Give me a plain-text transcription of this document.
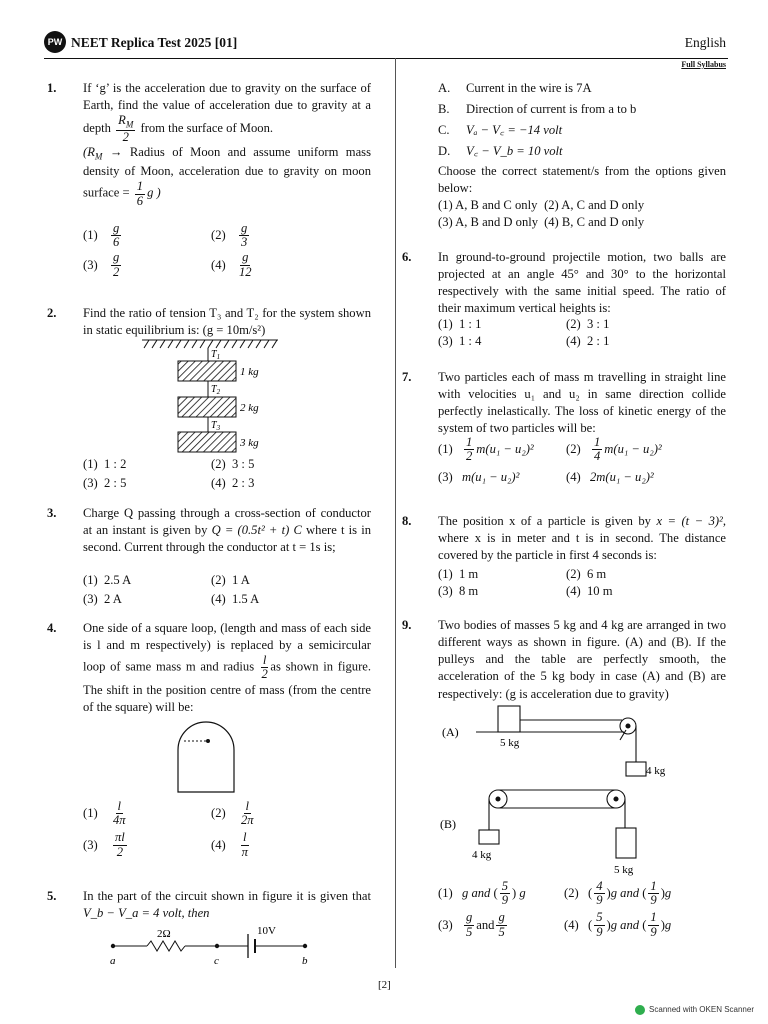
PW NEET Replica Test 2025 [01]	English
Full Syllabus
1. If ‘g’ is the acceleration due to gravity on the surface of Earth, find the value of acceleration due to gravity at a depth $\frac{R_M}{2}$ from the surface of Moon.
($R_M$ → Radius of Moon and assume uniform mass density of Moon, acceleration due to gravity on moon surface = $\frac{1}{6}$ g )
(1)	$\frac{g}{6}$	(2)	$\frac{g}{3}$
(3)	$\frac{g}{2}$	(4)	$\frac{g}{12}$
2. Find the ratio of tension T₃ and T₂ for the system shown in static equilibrium is: (g = 10m/s²)
$T_1$
$T_2$
$T_3$
1 kg
2 kg
3 kg
(1) 1 : 2	(2) 3 : 5
(3) 2 : 5	(4) 2 : 3
3. Charge Q passing through a cross-section of conductor at an instant is given by Q = (0.5t² + t) C where t is in second. Current through the conductor at t = 1s is;
(1) 2.5 A	(2) 1 A
(3) 2 A	(4) 1.5 A
4. One side of a square loop, (length and mass of each side is l and m respectively) is replaced by a semicircular loop of same mass m and radius $\frac{l}{2}$ as shown in figure. The shift in the position centre of mass (from the centre of the square) will be:
(1)	$\frac{l}{4\pi}$	(2)	$\frac{l}{2\pi}$
(3)	$\frac{\pi l}{2}$	(4)	$\frac{l}{\pi}$
5. In the part of the circuit shown in figure it is given that V_b − V_a = 4 volt, then
2Ω	10V
a	c	b
A.	Current in the wire is 7A
B.	Direction of current is from a to b
C.	Vₐ − V꜀ = −14 volt
D.	V꜀ − V_b = 10 volt
Choose the correct statement/s from the options given below:
(1) A, B and C only (2) A, C and D only
(3) A, B and D only (4) B, C and D only
6. In ground-to-ground projectile motion, two balls are projected at an angle 45° and 30° to the horizontal respectively with the same initial speed. The ratio of their maximum vertical heights is:
(1) 1 : 1	(2) 3 : 1
(3) 1 : 4	(4) 2 : 1
7. Two particles each of mass m travelling in straight line with velocities u₁ and u₂ in same direction collide perfectly inelastically. The loss of kinetic energy of the system of two particles will be:
$(1) \frac{1}{2} m(u_1 - u_2)^2$	$(2) \frac{1}{4} m(u_1 - u_2)^2$
(3) m(u₁ − u₂)²	(4) 2m(u₁ − u₂)²
8. The position x of a particle is given by x = (t − 3)², where x is in meter and t is in second. The distance covered by the particle in first 4 seconds is:
(1) 1 m	(2) 6 m
(3) 8 m	(4) 10 m
9. Two bodies of masses 5 kg and 4 kg are arranged in two different ways as shown in figure. (A) and (B). If the pulleys and the table are perfectly smooth, the acceleration of the 5 kg body in case (A) and (B) are respectively: (g is acceleration due to gravity)
(A)
5 kg
4 kg
(B)
4 kg
5 kg
(1) g and ( $\frac{5}{9}$ ) g	(2) ( $\frac{4}{9}$ ) g and ( $\frac{1}{9}$ ) g
$(3) \frac{g}{5}$ and $\frac{g}{5}$	(4) ( $\frac{5}{9}$ ) g and ( $\frac{1}{9}$ ) g
[2]
Scanned with OKEN Scanner
